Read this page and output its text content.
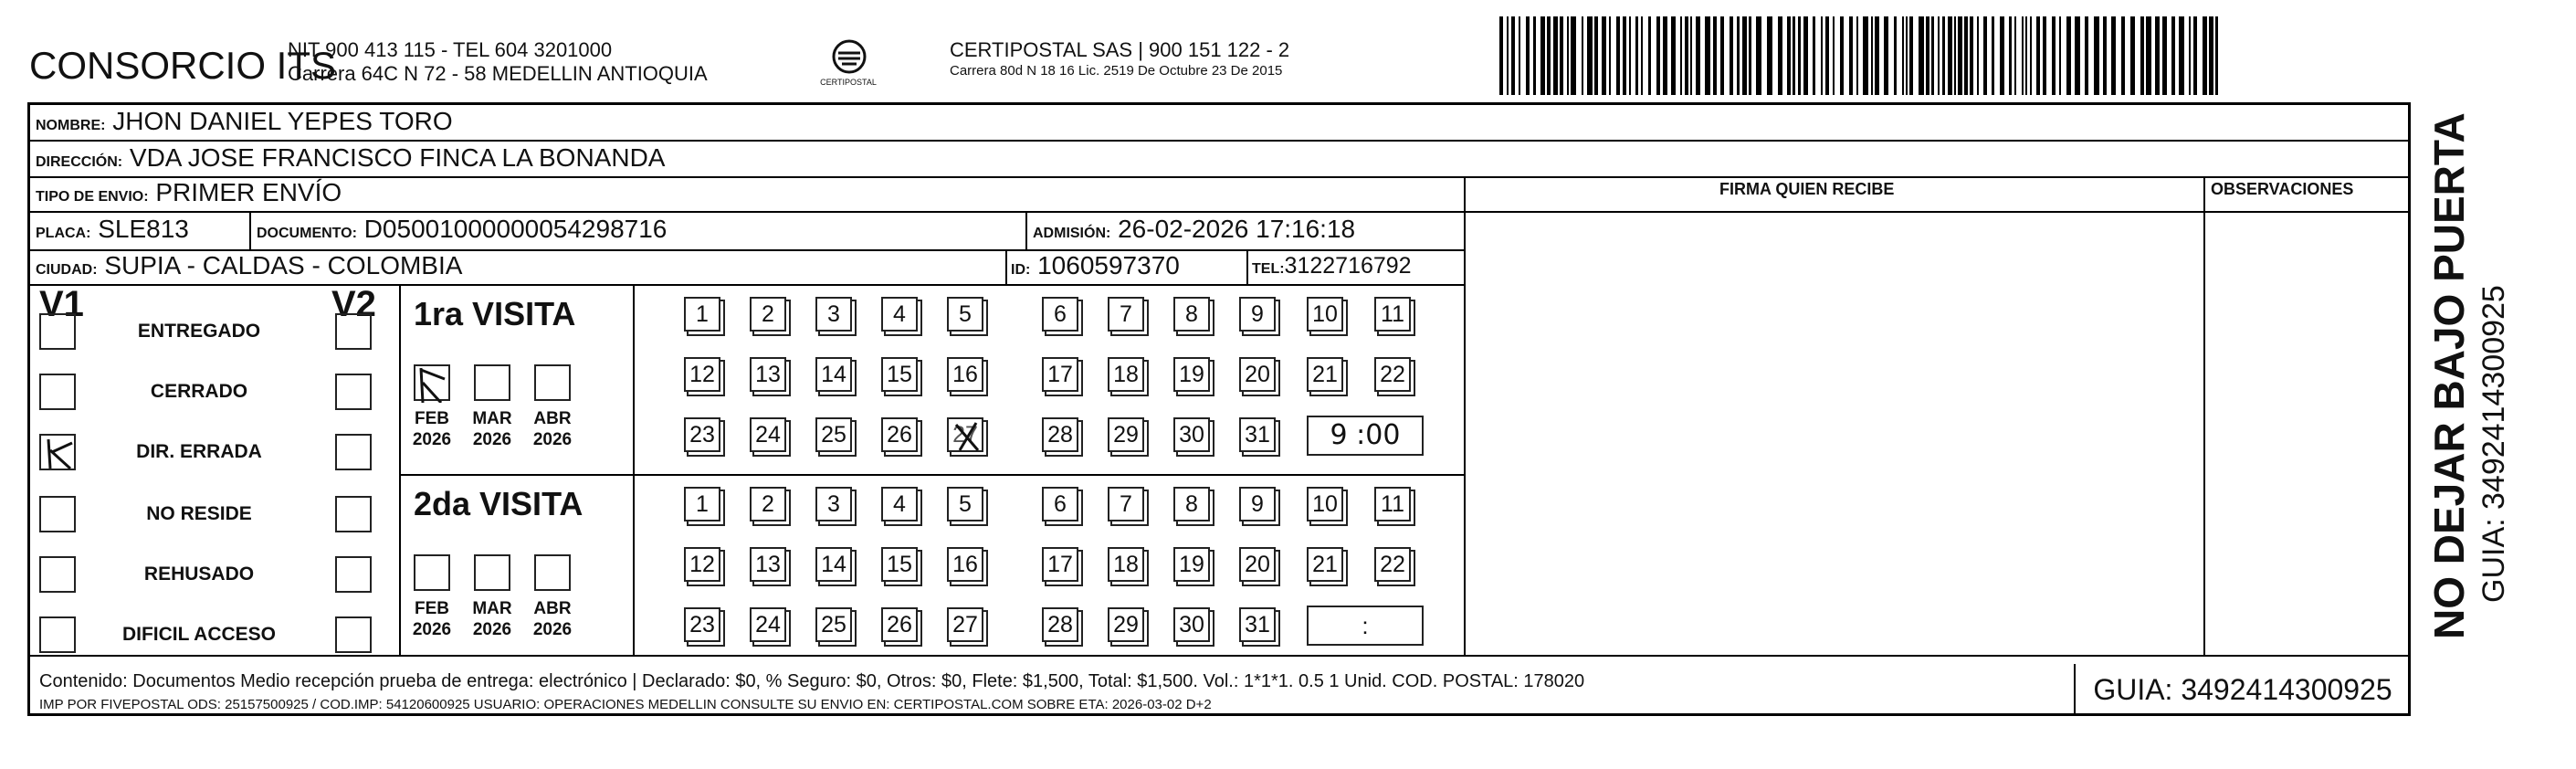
CONSORCIO ITS
NIT 900 413 115 - TEL 604 3201000
Carrera 64C N 72 - 58 MEDELLIN ANTIOQUIA	CERTIPOSTAL
CERTIPOSTAL SAS | 900 151 122 - 2
Carrera 80d N 18 16 Lic. 2519 De Octubre 23 De 2015
NOMBRE: JHON DANIEL YEPES TORO
DIRECCIÓN: VDA JOSE FRANCISCO FINCA LA BONANDA
TIPO DE ENVIO: PRIMER ENVÍO
PLACA: SLE813	DOCUMENTO: D05001000000054298716	ADMISIÓN: 26-02-2026 17:16:18
CIUDAD: SUPIA - CALDAS - COLOMBIA	ID: 1060597370	TEL:3122716792
FIRMA QUIEN RECIBE	OBSERVACIONES
V1	V2
ENTREGADO
CERRADO
DIR. ERRADA
NO RESIDE
REHUSADO
DIFICIL ACCESO
1ra VISITA
FEB
2026
MAR
2026
ABR
2026
1	2	3	4	5	6	7	8	9	10 11
12 13 14 15 16	17 18 19 20 21 22
23 24 25 26 27	28 29 30 31	9 :00
2da VISITA
FEB
2026
MAR
2026
ABR
2026
1	2	3	4	5	6	7	8	9	10 11
12 13 14 15 16	17 18 19 20 21 22
23 24 25 26 27	28 29 30 31	:
Contenido: Documentos Medio recepción prueba de entrega: electrónico | Declarado: $0, % Seguro: $0, Otros: $0, Flete: $1,500, Total: $1,500. Vol.: 1*1*1. 0.5 1 Unid. COD. POSTAL: 178020
IMP POR FIVEPOSTAL ODS: 25157500925 / COD.IMP: 54120600925 USUARIO: OPERACIONES MEDELLIN CONSULTE SU ENVIO EN: CERTIPOSTAL.COM SOBRE ETA: 2026-03-02 D+2	GUIA: 3492414300925
NO DEJAR BAJO PUERTA GUIA: 3492414300925
